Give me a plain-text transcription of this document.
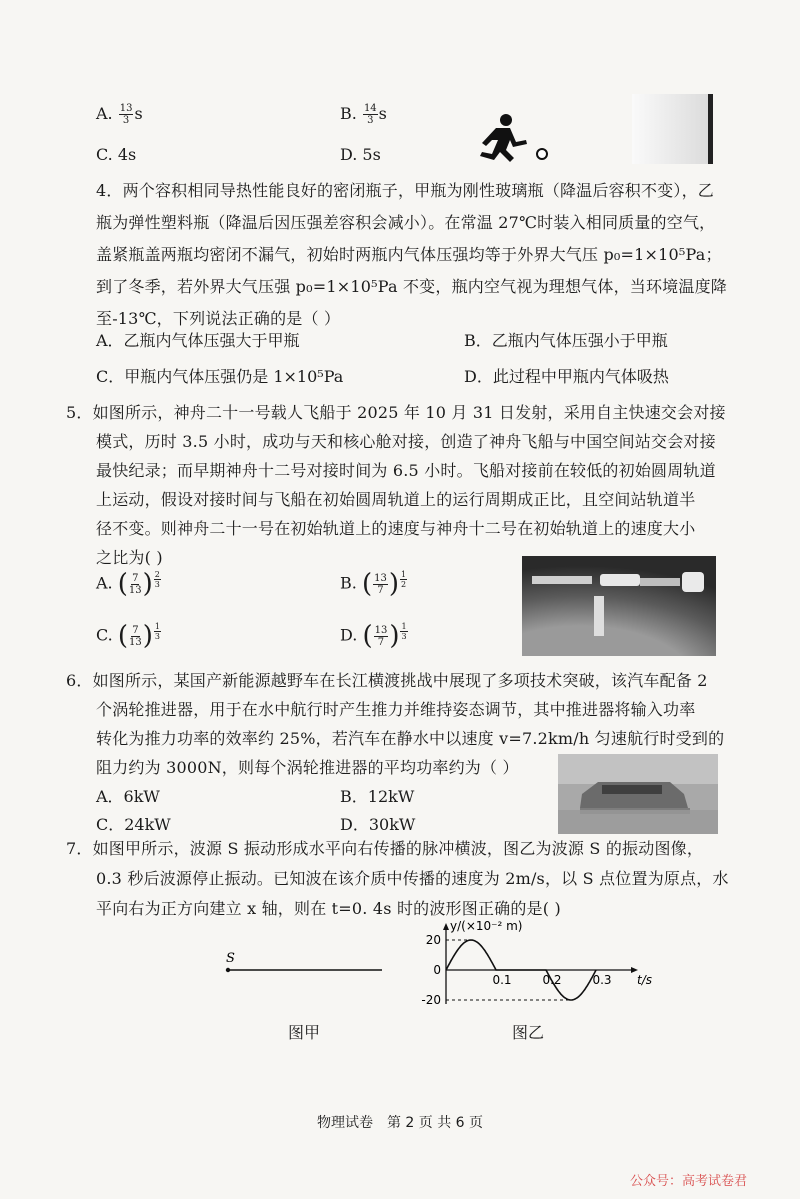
A. $\frac{13}{3}$ s	B. $\frac{14}{3}$ s
C. 4s	D. 5s
4．两个容积相同导热性能良好的密闭瓶子，甲瓶为刚性玻璃瓶（降温后容积不变），乙
瓶为弹性塑料瓶（降温后因压强差容积会减小）。在常温 27℃时装入相同质量的空气，
盖紧瓶盖两瓶均密闭不漏气，初始时两瓶内气体压强均等于外界大气压 p₀=1×10⁵Pa；
到了冬季，若外界大气压强 p₀=1×10⁵Pa 不变，瓶内空气视为理想气体，当环境温度降
至-13℃，下列说法正确的是（ ）
A．乙瓶内气体压强大于甲瓶	B．乙瓶内气体压强小于甲瓶
C．甲瓶内气体压强仍是 1×10⁵Pa	D．此过程中甲瓶内气体吸热
5．如图所示，神舟二十一号载人飞船于 2025 年 10 月 31 日发射，采用自主快速交会对接
模式，历时 3.5 小时，成功与天和核心舱对接，创造了神舟飞船与中国空间站交会对接
最快纪录；而早期神舟十二号对接时间为 6.5 小时。飞船对接前在较低的初始圆周轨道
上运动，假设对接时间与飞船在初始圆周轨道上的运行周期成正比，且空间站轨道半
径不变。则神舟二十一号在初始轨道上的速度与神舟十二号在初始轨道上的速度大小
之比为( )
A. ( $\frac{7}{13}$ ) $\frac{2}{3}$	B. ( $\frac{13}{7}$ ) $\frac{1}{2}$
C. ( $\frac{7}{13}$ ) $\frac{1}{3}$	D. ( $\frac{13}{7}$ ) $\frac{1}{3}$
6．如图所示，某国产新能源越野车在长江横渡挑战中展现了多项技术突破，该汽车配备 2
个涡轮推进器，用于在水中航行时产生推力并维持姿态调节，其中推进器将输入功率
转化为推力功率的效率约 25%，若汽车在静水中以速度 v=7.2km/h 匀速航行时受到的
阻力约为 3000N，则每个涡轮推进器的平均功率约为（ ）
A．6kW	B．12kW
C．24kW	D．30kW
7．如图甲所示，波源 S 振动形成水平向右传播的脉冲横波，图乙为波源 S 的振动图像，
0.3 秒后波源停止振动。已知波在该介质中传播的速度为 2m/s，以 S 点位置为原点，水
平向右为正方向建立 x 轴，则在 t=0. 4s 时的波形图正确的是( )
S
图甲
y/(×10⁻² m)
t/s
20
0
-20
0.1	0.2	0.3
图乙
物理试卷　第 2 页 共 6 页
公众号：高考试卷君
